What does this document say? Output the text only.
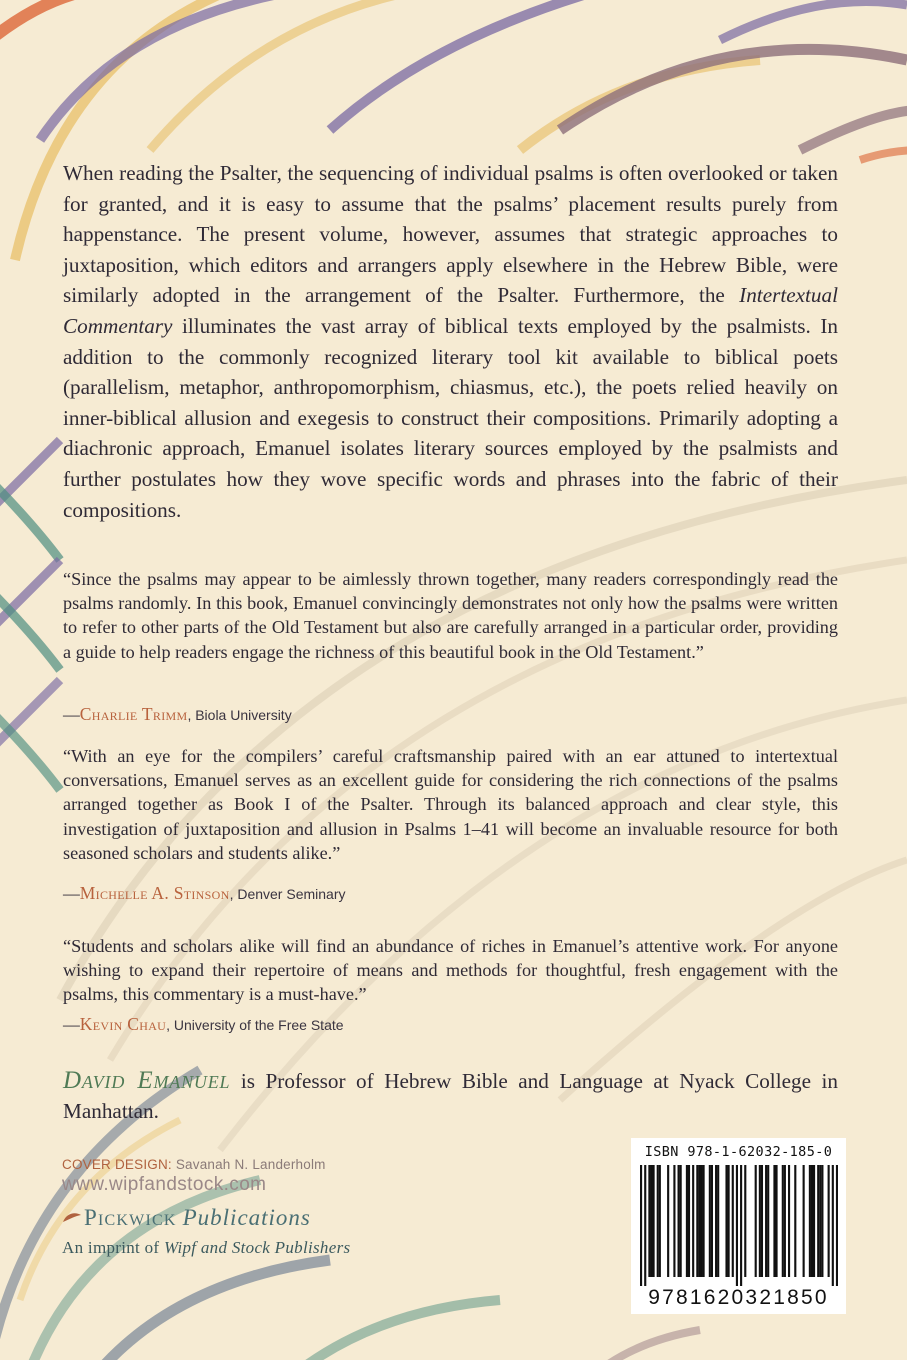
When reading the Psalter, the sequencing of individual psalms is often overlooked or taken for granted, and it is easy to assume that the psalms’ placement results purely from happenstance. The present volume, however, assumes that strategic approaches to juxtaposition, which editors and arrangers apply elsewhere in the Hebrew Bible, were similarly adopted in the arrangement of the Psalter. Furthermore, the Intertextual Commentary illuminates the vast array of biblical texts employed by the psalmists. In addition to the commonly recognized literary tool kit available to biblical poets (parallelism, metaphor, anthropomorphism, chiasmus, etc.), the poets relied heavily on inner-biblical allusion and exegesis to construct their compositions. Primarily adopting a diachronic approach, Emanuel isolates literary sources employed by the psalmists and further postulates how they wove specific words and phrases into the fabric of their compositions.

“Since the psalms may appear to be aimlessly thrown together, many readers correspondingly read the psalms randomly. In this book, Emanuel convincingly demonstrates not only how the psalms were written to refer to other parts of the Old Testament but also are carefully arranged in a particular order, providing a guide to help readers engage the richness of this beautiful book in the Old Testament.”

—Charlie Trimm, Biola University

“With an eye for the compilers’ careful craftsmanship paired with an ear attuned to intertextual conversations, Emanuel serves as an excellent guide for considering the rich connections of the psalms arranged together as Book I of the Psalter. Through its balanced approach and clear style, this investigation of juxtaposition and allusion in Psalms 1–41 will become an invaluable resource for both seasoned scholars and students alike.”

—Michelle A. Stinson, Denver Seminary

“Students and scholars alike will find an abundance of riches in Emanuel’s attentive work. For anyone wishing to expand their repertoire of means and methods for thoughtful, fresh engagement with the psalms, this commentary is a must-have.”

—Kevin Chau, University of the Free State

David Emanuel is Professor of Hebrew Bible and Language at Nyack College in Manhattan.

COVER DESIGN: Savanah N. Landerholm

www.wipfandstock.com

Pickwick Publications

An imprint of Wipf and Stock Publishers

ISBN 978-1-62032-185-0
9781620321850
